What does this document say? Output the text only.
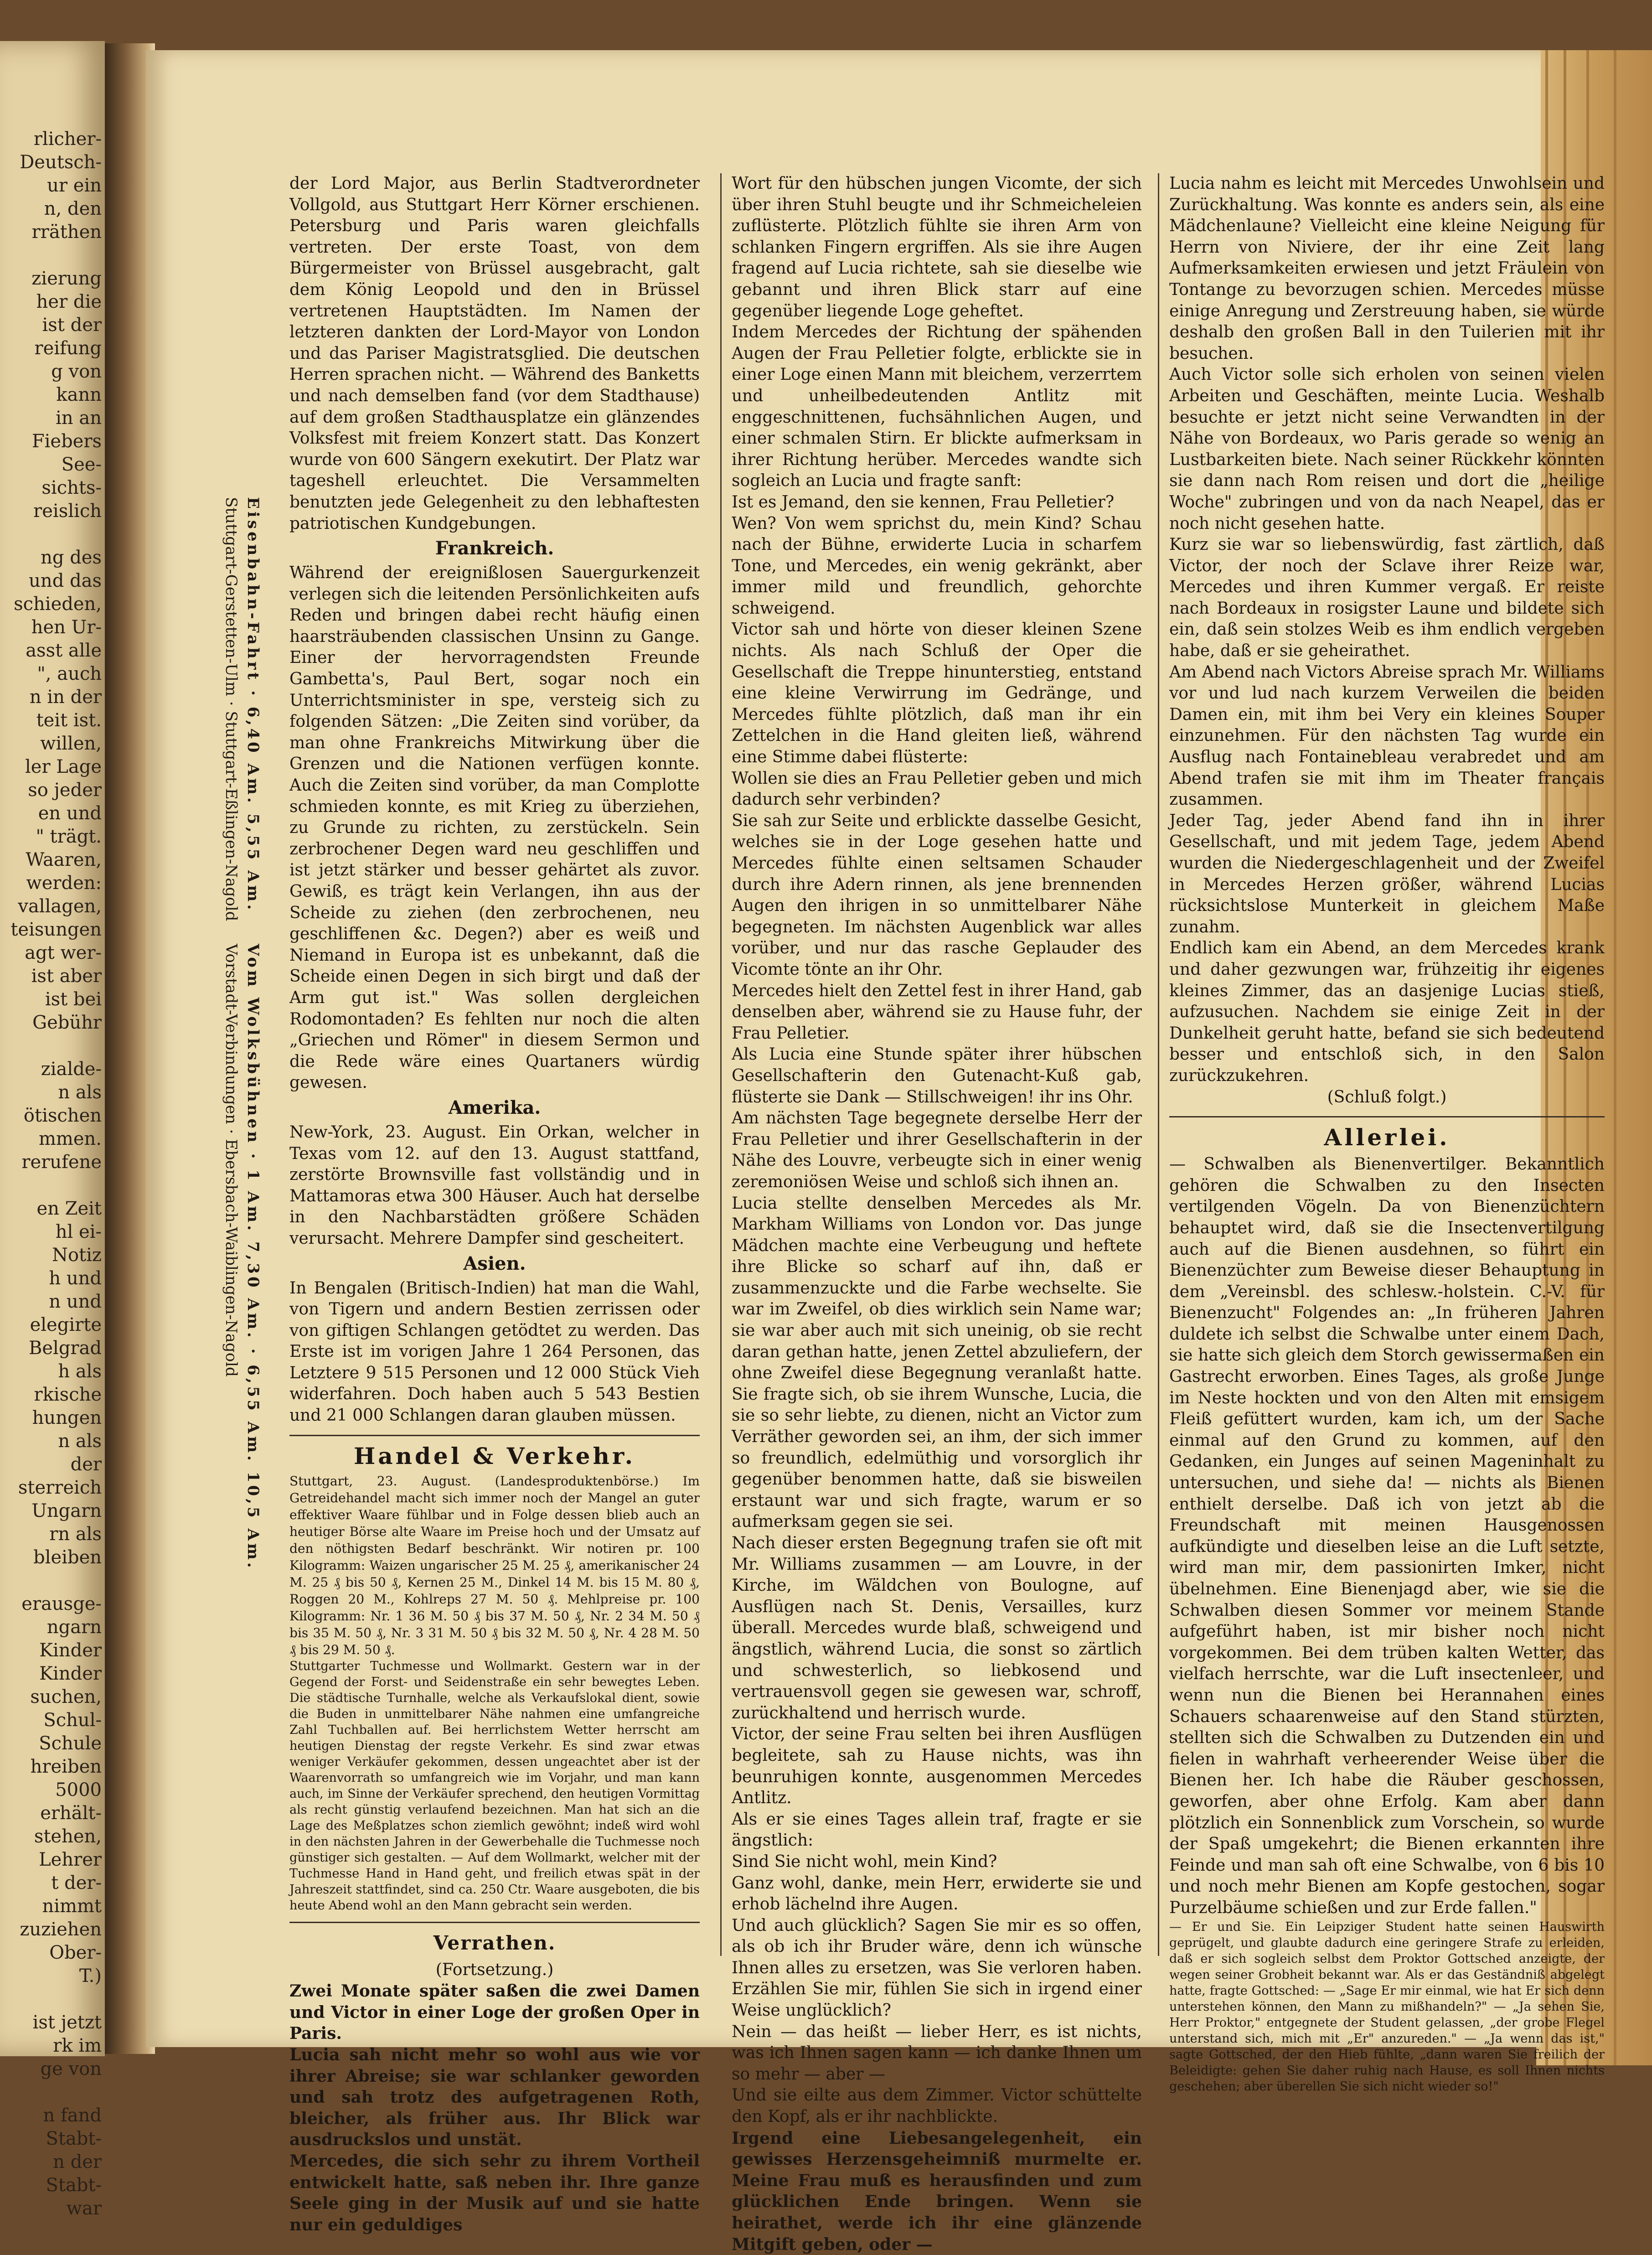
rlicher-
Deutsch-
ur ein
n, den
rräthen

zierung
her die
ist der
reifung
g von
kann
in an
Fiebers
See-
sichts-
reislich

ng des
und das
schieden,
hen Ur-
asst alle
", auch
n in der
teit ist.
willen,
ler Lage
so jeder
en und
" trägt.
Waaren,
werden:
vallagen,
teisungen
agt wer-
ist aber
ist bei
Gebühr

zialde-
n als
ötischen
mmen.
rerufene

en Zeit
hl ei-
Notiz
h und
n und
elegirte
Belgrad
h als
rkische
hungen
n als
der
sterreich
Ungarn
rn als
bleiben

erausge-
ngarn
Kinder
Kinder
suchen,
Schul-
Schule
hreiben
5000
erhält-
stehen,
Lehrer
t der-
nimmt
zuziehen
Ober-
T.)

ist jetzt
rk im
ge von

n fand
Stabt-
n der
Stabt-
war
Stuttgart-Gerstetten-Ulm · Stuttgart-Eßlingen-Nagold Eisenbahn-Fahrt · 6,40 Am. 5,55 Am.
Vorstadt-Verbindungen · Ebersbach-Waiblingen-Nagold Vom Wolksbühnen · 1 Am. 7,30 Am. · 6,55 Am. 10,5 Am.
der Lord Major, aus Berlin Stadtverordneter Vollgold, aus Stuttgart Herr Körner erschienen. Petersburg und Paris waren gleichfalls vertreten. Der erste Toast, von dem Bürgermeister von Brüssel ausgebracht, galt dem König Leopold und den in Brüssel vertretenen Hauptstädten. Im Namen der letzteren dankten der Lord-Mayor von London und das Pariser Magistratsglied. Die deutschen Herren sprachen nicht. — Während des Banketts und nach demselben fand (vor dem Stadthause) auf dem großen Stadthausplatze ein glänzendes Volksfest mit freiem Konzert statt. Das Konzert wurde von 600 Sängern exekutirt. Der Platz war tageshell erleuchtet. Die Versammelten benutzten jede Gelegenheit zu den lebhaftesten patriotischen Kundgebungen.
Frankreich.
Während der ereignißlosen Sauergurkenzeit verlegen sich die leitenden Persönlichkeiten aufs Reden und bringen dabei recht häufig einen haarsträubenden classischen Unsinn zu Gange. Einer der hervorragendsten Freunde Gambetta's, Paul Bert, sogar noch ein Unterrichtsminister in spe, versteig sich zu folgenden Sätzen: „Die Zeiten sind vorüber, da man ohne Frankreichs Mitwirkung über die Grenzen und die Nationen verfügen konnte. Auch die Zeiten sind vorüber, da man Complotte schmieden konnte, es mit Krieg zu überziehen, zu Grunde zu richten, zu zerstückeln. Sein zerbrochener Degen ward neu geschliffen und ist jetzt stärker und besser gehärtet als zuvor. Gewiß, es trägt kein Verlangen, ihn aus der Scheide zu ziehen (den zerbrochenen, neu geschliffenen &c. Degen?) aber es weiß und Niemand in Europa ist es unbekannt, daß die Scheide einen Degen in sich birgt und daß der Arm gut ist." Was sollen dergleichen Rodomontaden? Es fehlten nur noch die alten „Griechen und Römer" in diesem Sermon und die Rede wäre eines Quartaners würdig gewesen.
Amerika.
New-York, 23. August. Ein Orkan, welcher in Texas vom 12. auf den 13. August stattfand, zerstörte Brownsville fast vollständig und in Mattamoras etwa 300 Häuser. Auch hat derselbe in den Nachbarstädten größere Schäden verursacht. Mehrere Dampfer sind gescheitert.
Asien.
In Bengalen (Britisch-Indien) hat man die Wahl, von Tigern und andern Bestien zerrissen oder von giftigen Schlangen getödtet zu werden. Das Erste ist im vorigen Jahre 1 264 Personen, das Letztere 9 515 Personen und 12 000 Stück Vieh widerfahren. Doch haben auch 5 543 Bestien und 21 000 Schlangen daran glauben müssen.
Handel & Verkehr.
Stuttgart, 23. August. (Landesproduktenbörse.) Im Getreidehandel macht sich immer noch der Mangel an guter effektiver Waare fühlbar und in Folge dessen blieb auch an heutiger Börse alte Waare im Preise hoch und der Umsatz auf den nöthigsten Bedarf beschränkt. Wir notiren pr. 100 Kilogramm: Waizen ungarischer 25 M. 25 ₰, amerikanischer 24 M. 25 ₰ bis 50 ₰, Kernen 25 M., Dinkel 14 M. bis 15 M. 80 ₰, Roggen 20 M., Kohlreps 27 M. 50 ₰. Mehlpreise pr. 100 Kilogramm: Nr. 1 36 M. 50 ₰ bis 37 M. 50 ₰, Nr. 2 34 M. 50 ₰ bis 35 M. 50 ₰, Nr. 3 31 M. 50 ₰ bis 32 M. 50 ₰, Nr. 4 28 M. 50 ₰ bis 29 M. 50 ₰.
Stuttgarter Tuchmesse und Wollmarkt. Gestern war in der Gegend der Forst- und Seidenstraße ein sehr bewegtes Leben. Die städtische Turnhalle, welche als Verkaufslokal dient, sowie die Buden in unmittelbarer Nähe nahmen eine umfangreiche Zahl Tuchballen auf. Bei herrlichstem Wetter herrscht am heutigen Dienstag der regste Verkehr. Es sind zwar etwas weniger Verkäufer gekommen, dessen ungeachtet aber ist der Waarenvorrath so umfangreich wie im Vorjahr, und man kann auch, im Sinne der Verkäufer sprechend, den heutigen Vormittag als recht günstig verlaufend bezeichnen. Man hat sich an die Lage des Meßplatzes schon ziemlich gewöhnt; indeß wird wohl in den nächsten Jahren in der Gewerbehalle die Tuchmesse noch günstiger sich gestalten. — Auf dem Wollmarkt, welcher mit der Tuchmesse Hand in Hand geht, und freilich etwas spät in der Jahreszeit stattfindet, sind ca. 250 Ctr. Waare ausgeboten, die bis heute Abend wohl an den Mann gebracht sein werden.
Verrathen.
(Fortsetzung.)
Zwei Monate später saßen die zwei Damen und Victor in einer Loge der großen Oper in Paris.
Lucia sah nicht mehr so wohl aus wie vor ihrer Abreise; sie war schlanker geworden und sah trotz des aufgetragenen Roth, bleicher, als früher aus. Ihr Blick war ausdruckslos und unstät.
Mercedes, die sich sehr zu ihrem Vortheil entwickelt hatte, saß neben ihr. Ihre ganze Seele ging in der Musik auf und sie hatte nur ein geduldiges
Wort für den hübschen jungen Vicomte, der sich über ihren Stuhl beugte und ihr Schmeicheleien zuflüsterte. Plötzlich fühlte sie ihren Arm von schlanken Fingern ergriffen. Als sie ihre Augen fragend auf Lucia richtete, sah sie dieselbe wie gebannt und ihren Blick starr auf eine gegenüber liegende Loge geheftet.
Indem Mercedes der Richtung der spähenden Augen der Frau Pelletier folgte, erblickte sie in einer Loge einen Mann mit bleichem, verzerrtem und unheilbedeutenden Antlitz mit enggeschnittenen, fuchsähnlichen Augen, und einer schmalen Stirn. Er blickte aufmerksam in ihrer Richtung herüber. Mercedes wandte sich sogleich an Lucia und fragte sanft:
Ist es Jemand, den sie kennen, Frau Pelletier?
Wen? Von wem sprichst du, mein Kind? Schau nach der Bühne, erwiderte Lucia in scharfem Tone, und Mercedes, ein wenig gekränkt, aber immer mild und freundlich, gehorchte schweigend.
Victor sah und hörte von dieser kleinen Szene nichts. Als nach Schluß der Oper die Gesellschaft die Treppe hinunterstieg, entstand eine kleine Verwirrung im Gedränge, und Mercedes fühlte plötzlich, daß man ihr ein Zettelchen in die Hand gleiten ließ, während eine Stimme dabei flüsterte:
Wollen sie dies an Frau Pelletier geben und mich dadurch sehr verbinden?
Sie sah zur Seite und erblickte dasselbe Gesicht, welches sie in der Loge gesehen hatte und Mercedes fühlte einen seltsamen Schauder durch ihre Adern rinnen, als jene brennenden Augen den ihrigen in so unmittelbarer Nähe begegneten. Im nächsten Augenblick war alles vorüber, und nur das rasche Geplauder des Vicomte tönte an ihr Ohr.
Mercedes hielt den Zettel fest in ihrer Hand, gab denselben aber, während sie zu Hause fuhr, der Frau Pelletier.
Als Lucia eine Stunde später ihrer hübschen Gesellschafterin den Gutenacht-Kuß gab, flüsterte sie Dank — Stillschweigen! ihr ins Ohr.
Am nächsten Tage begegnete derselbe Herr der Frau Pelletier und ihrer Gesellschafterin in der Nähe des Louvre, verbeugte sich in einer wenig zeremoniösen Weise und schloß sich ihnen an.
Lucia stellte denselben Mercedes als Mr. Markham Williams von London vor. Das junge Mädchen machte eine Verbeugung und heftete ihre Blicke so scharf auf ihn, daß er zusammenzuckte und die Farbe wechselte. Sie war im Zweifel, ob dies wirklich sein Name war; sie war aber auch mit sich uneinig, ob sie recht daran gethan hatte, jenen Zettel abzuliefern, der ohne Zweifel diese Begegnung veranlaßt hatte. Sie fragte sich, ob sie ihrem Wunsche, Lucia, die sie so sehr liebte, zu dienen, nicht an Victor zum Verräther geworden sei, an ihm, der sich immer so freundlich, edelmüthig und vorsorglich ihr gegenüber benommen hatte, daß sie bisweilen erstaunt war und sich fragte, warum er so aufmerksam gegen sie sei.
Nach dieser ersten Begegnung trafen sie oft mit Mr. Williams zusammen — am Louvre, in der Kirche, im Wäldchen von Boulogne, auf Ausflügen nach St. Denis, Versailles, kurz überall. Mercedes wurde blaß, schweigend und ängstlich, während Lucia, die sonst so zärtlich und schwesterlich, so liebkosend und vertrauensvoll gegen sie gewesen war, schroff, zurückhaltend und herrisch wurde.
Victor, der seine Frau selten bei ihren Ausflügen begleitete, sah zu Hause nichts, was ihn beunruhigen konnte, ausgenommen Mercedes Antlitz.
Als er sie eines Tages allein traf, fragte er sie ängstlich:
Sind Sie nicht wohl, mein Kind?
Ganz wohl, danke, mein Herr, erwiderte sie und erhob lächelnd ihre Augen.
Und auch glücklich? Sagen Sie mir es so offen, als ob ich ihr Bruder wäre, denn ich wünsche Ihnen alles zu ersetzen, was Sie verloren haben. Erzählen Sie mir, fühlen Sie sich in irgend einer Weise unglücklich?
Nein — das heißt — lieber Herr, es ist nichts, was ich Ihnen sagen kann — ich danke Ihnen um so mehr — aber —
Und sie eilte aus dem Zimmer. Victor schüttelte den Kopf, als er ihr nachblickte.
Irgend eine Liebesangelegenheit, ein gewisses Herzensgeheimniß murmelte er. Meine Frau muß es herausfinden und zum glücklichen Ende bringen. Wenn sie heirathet, werde ich ihr eine glänzende Mitgift geben, oder —
Lucia nahm es leicht mit Mercedes Unwohlsein und Zurückhaltung. Was konnte es anders sein, als eine Mädchenlaune? Vielleicht eine kleine Neigung für Herrn von Niviere, der ihr eine Zeit lang Aufmerksamkeiten erwiesen und jetzt Fräulein von Tontange zu bevorzugen schien. Mercedes müsse einige Anregung und Zerstreuung haben, sie würde deshalb den großen Ball in den Tuilerien mit ihr besuchen.
Auch Victor solle sich erholen von seinen vielen Arbeiten und Geschäften, meinte Lucia. Weshalb besuchte er jetzt nicht seine Verwandten in der Nähe von Bordeaux, wo Paris gerade so wenig an Lustbarkeiten biete. Nach seiner Rückkehr könnten sie dann nach Rom reisen und dort die „heilige Woche" zubringen und von da nach Neapel, das er noch nicht gesehen hatte.
Kurz sie war so liebenswürdig, fast zärtlich, daß Victor, der noch der Sclave ihrer Reize war, Mercedes und ihren Kummer vergaß. Er reiste nach Bordeaux in rosigster Laune und bildete sich ein, daß sein stolzes Weib es ihm endlich vergeben habe, daß er sie geheirathet.
Am Abend nach Victors Abreise sprach Mr. Williams vor und lud nach kurzem Verweilen die beiden Damen ein, mit ihm bei Very ein kleines Souper einzunehmen. Für den nächsten Tag wurde ein Ausflug nach Fontainebleau verabredet und am Abend trafen sie mit ihm im Theater français zusammen.
Jeder Tag, jeder Abend fand ihn in ihrer Gesellschaft, und mit jedem Tage, jedem Abend wurden die Niedergeschlagenheit und der Zweifel in Mercedes Herzen größer, während Lucias rücksichtslose Munterkeit in gleichem Maße zunahm.
Endlich kam ein Abend, an dem Mercedes krank und daher gezwungen war, frühzeitig ihr eigenes kleines Zimmer, das an dasjenige Lucias stieß, aufzusuchen. Nachdem sie einige Zeit in der Dunkelheit geruht hatte, befand sie sich bedeutend besser und entschloß sich, in den Salon zurückzukehren.
(Schluß folgt.)
Allerlei.
— Schwalben als Bienenvertilger. Bekanntlich gehören die Schwalben zu den Insecten vertilgenden Vögeln. Da von Bienenzüchtern behauptet wird, daß sie die Insectenvertilgung auch auf die Bienen ausdehnen, so führt ein Bienenzüchter zum Beweise dieser Behauptung in dem „Vereinsbl. des schlesw.-holstein. C.-V. für Bienenzucht" Folgendes an: „In früheren Jahren duldete ich selbst die Schwalbe unter einem Dach, sie hatte sich gleich dem Storch gewissermaßen ein Gastrecht erworben. Eines Tages, als große Junge im Neste hockten und von den Alten mit emsigem Fleiß gefüttert wurden, kam ich, um der Sache einmal auf den Grund zu kommen, auf den Gedanken, ein Junges auf seinen Mageninhalt zu untersuchen, und siehe da! — nichts als Bienen enthielt derselbe. Daß ich von jetzt ab die Freundschaft mit meinen Hausgenossen aufkündigte und dieselben leise an die Luft setzte, wird man mir, dem passionirten Imker, nicht übelnehmen. Eine Bienenjagd aber, wie sie die Schwalben diesen Sommer vor meinem Stande aufgeführt haben, ist mir bisher noch nicht vorgekommen. Bei dem trüben kalten Wetter, das vielfach herrschte, war die Luft insectenleer, und wenn nun die Bienen bei Herannahen eines Schauers schaarenweise auf den Stand stürzten, stellten sich die Schwalben zu Dutzenden ein und fielen in wahrhaft verheerender Weise über die Bienen her. Ich habe die Räuber geschossen, geworfen, aber ohne Erfolg. Kam aber dann plötzlich ein Sonnenblick zum Vorschein, so wurde der Spaß umgekehrt; die Bienen erkannten ihre Feinde und man sah oft eine Schwalbe, von 6 bis 10 und noch mehr Bienen am Kopfe gestochen, sogar Purzelbäume schießen und zur Erde fallen."
— Er und Sie. Ein Leipziger Student hatte seinen Hauswirth geprügelt, und glaubte dadurch eine geringere Strafe zu erleiden, daß er sich sogleich selbst dem Proktor Gottsched anzeigte, der wegen seiner Grobheit bekannt war. Als er das Geständniß abgelegt hatte, fragte Gottsched: — „Sage Er mir einmal, wie hat Er sich denn unterstehen können, den Mann zu mißhandeln?" — „Ja sehen Sie, Herr Proktor," entgegnete der Student gelassen, „der grobe Flegel unterstand sich, mich mit „Er" anzureden." — „Ja wenn das ist," sagte Gottsched, der den Hieb fühlte, „dann waren Sie freilich der Beleidigte: gehen Sie daher ruhig nach Hause, es soll Ihnen nichts geschehen; aber überellen Sie sich nicht wieder so!"
